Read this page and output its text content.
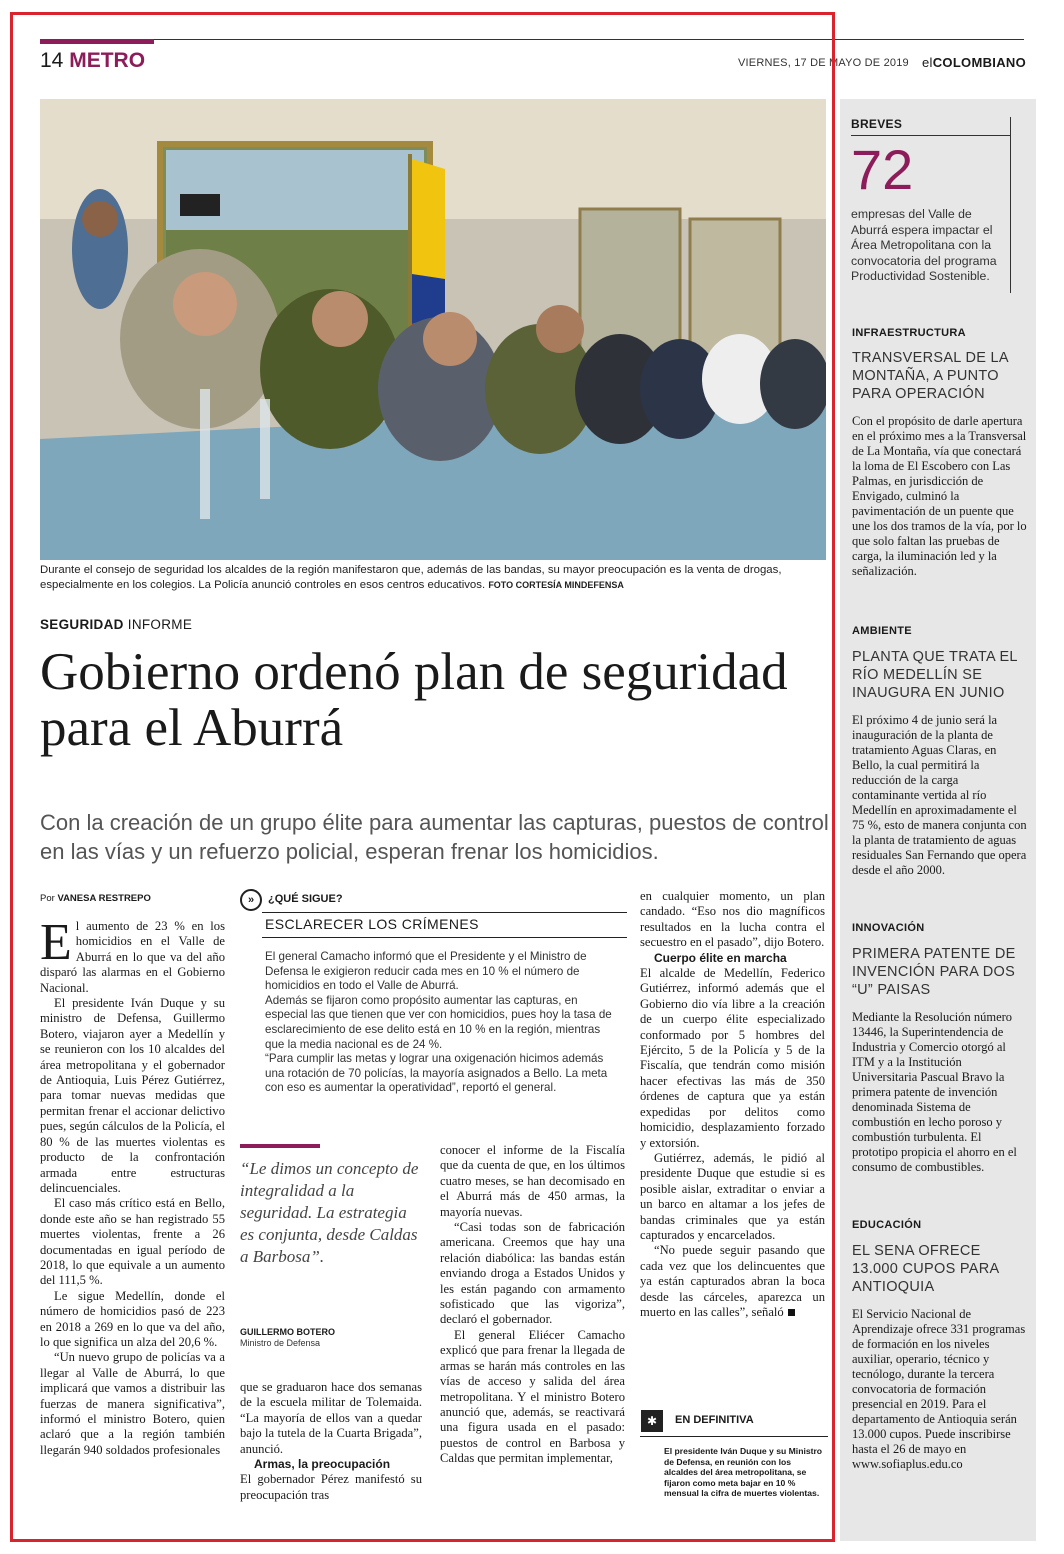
14 METRO	VIERNES, 17 DE MAYO DE 2019 elCOLOMBIANO
Durante el consejo de seguridad los alcaldes de la región manifestaron que, además de las bandas, su mayor preocupación es la venta de drogas, especialmente en los colegios. La Policía anunció controles en esos centros educativos. FOTO CORTESÍA MINDEFENSA
SEGURIDAD INFORME
Gobierno ordenó plan de seguridad para el Aburrá
Con la creación de un grupo élite para aumentar las capturas, puestos de control en las vías y un refuerzo policial, esperan frenar los homicidios.
Por VANESA RESTREPO

El aumento de 23 % en los homicidios en el Valle de Aburrá en lo que va del año disparó las alarmas en el Gobierno Nacional.

El presidente Iván Duque y su ministro de Defensa, Guillermo Botero, viajaron ayer a Medellín y se reunieron con los 10 alcaldes del área metropolitana y el gobernador de Antioquia, Luis Pérez Gutiérrez, para tomar nuevas medidas que permitan frenar el accionar delictivo pues, según cálculos de la Policía, el 80 % de las muertes violentas es producto de la confrontación armada entre estructuras delincuenciales.

El caso más crítico está en Bello, donde este año se han registrado 55 muertes violentas, frente a 26 documentadas en igual período de 2018, lo que equivale a un aumento del 111,5 %.

Le sigue Medellín, donde el número de homicidios pasó de 223 en 2018 a 269 en lo que va del año, lo que significa un alza del 20,6 %.

“Un nuevo grupo de policías va a llegar al Valle de Aburrá, lo que implicará que vamos a distribuir las fuerzas de manera significativa”, informó el ministro Botero, quien aclaró que a la región también llegarán 940 soldados profesionales

»	¿QUÉ SIGUE?
ESCLARECER LOS CRÍMENES
El general Camacho informó que el Presidente y el Ministro de Defensa le exigieron reducir cada mes en 10 % el número de homicidios en todo el Valle de Aburrá.
Además se fijaron como propósito aumentar las capturas, en especial las que tienen que ver con homicidios, pues hoy la tasa de esclarecimiento de ese delito está en 10 % en la región, mientras que la media nacional es de 24 %.
“Para cumplir las metas y lograr una oxigenación hicimos además una rotación de 70 policías, la mayoría asignados a Bello. La meta con eso es aumentar la operatividad”, reportó el general.
“Le dimos un concepto de integralidad a la seguridad. La estrategia es conjunta, desde Caldas a Barbosa”.
GUILLERMO BOTERO
Ministro de Defensa

que se graduaron hace dos semanas de la escuela militar de Tolemaida. “La mayoría de ellos van a quedar bajo la tutela de la Cuarta Brigada”, anunció.

Armas, la preocupación

El gobernador Pérez manifestó su preocupación tras

conocer el informe de la Fiscalía que da cuenta de que, en los últimos cuatro meses, se han decomisado en el Aburrá más de 450 armas, la mayoría nuevas.

“Casi todas son de fabricación americana. Creemos que hay una relación diabólica: las bandas están enviando droga a Estados Unidos y les están pagando con armamento sofisticado que las vigoriza”, declaró el gobernador.

El general Eliécer Camacho explicó que para frenar la llegada de armas se harán más controles en las vías de acceso y salida del área metropolitana. Y el ministro Botero anunció que, además, se reactivará una figura usada en el pasado: puestos de control en Barbosa y Caldas que permitan implementar,

en cualquier momento, un plan candado. “Eso nos dio magníficos resultados en la lucha contra el secuestro en el pasado”, dijo Botero.

Cuerpo élite en marcha

El alcalde de Medellín, Federico Gutiérrez, informó además que el Gobierno dio vía libre a la creación de un cuerpo élite especializado conformado por 5 hombres del Ejército, 5 de la Policía y 5 de la Fiscalía, que tendrán como misión hacer efectivas las más de 350 órdenes de captura que ya están expedidas por delitos como homicidio, desplazamiento forzado y extorsión.

Gutiérrez, además, le pidió al presidente Duque que estudie si es posible aislar, extraditar o enviar a un barco en altamar a los jefes de bandas criminales que ya están capturados y encarcelados.

“No puede seguir pasando que cada vez que los delincuentes que ya están capturados abran la boca desde las cárceles, aparezca un muerto en las calles”, señaló

✱	EN DEFINITIVA
El presidente Iván Duque y su Ministro de Defensa, en reunión con los alcaldes del área metropolitana, se fijaron como meta bajar en 10 % mensual la cifra de muertes violentas.
BREVES
72
empresas del Valle de Aburrá espera impactar el Área Metropolitana con la convocatoria del programa Productividad Sostenible.
INFRAESTRUCTURA
TRANSVERSAL DE LA MONTAÑA, A PUNTO PARA OPERACIÓN
Con el propósito de darle apertura en el próximo mes a la Transversal de La Montaña, vía que conectará la loma de El Escobero con Las Palmas, en jurisdicción de Envigado, culminó la pavimentación de un puente que une los dos tramos de la vía, por lo que solo faltan las pruebas de carga, la iluminación led y la señalización.
AMBIENTE
PLANTA QUE TRATA EL RÍO MEDELLÍN SE INAUGURA EN JUNIO
El próximo 4 de junio será la inauguración de la planta de tratamiento Aguas Claras, en Bello, la cual permitirá la reducción de la carga contaminante vertida al río Medellín en aproximadamente el 75 %, esto de manera conjunta con la planta de tratamiento de aguas residuales San Fernando que opera desde el año 2000.
INNOVACIÓN
PRIMERA PATENTE DE INVENCIÓN PARA DOS “U” PAISAS
Mediante la Resolución número 13446, la Superintendencia de Industria y Comercio otorgó al ITM y a la Institución Universitaria Pascual Bravo la primera patente de invención denominada Sistema de combustión en lecho poroso y combustión turbulenta. El prototipo propicia el ahorro en el consumo de combustibles.
EDUCACIÓN
EL SENA OFRECE 13.000 CUPOS PARA ANTIOQUIA
El Servicio Nacional de Aprendizaje ofrece 331 programas de formación en los niveles auxiliar, operario, técnico y tecnólogo, durante la tercera convocatoria de formación presencial en 2019. Para el departamento de Antioquia serán 13.000 cupos. Puede inscribirse hasta el 26 de mayo en www.sofiaplus.edu.co
